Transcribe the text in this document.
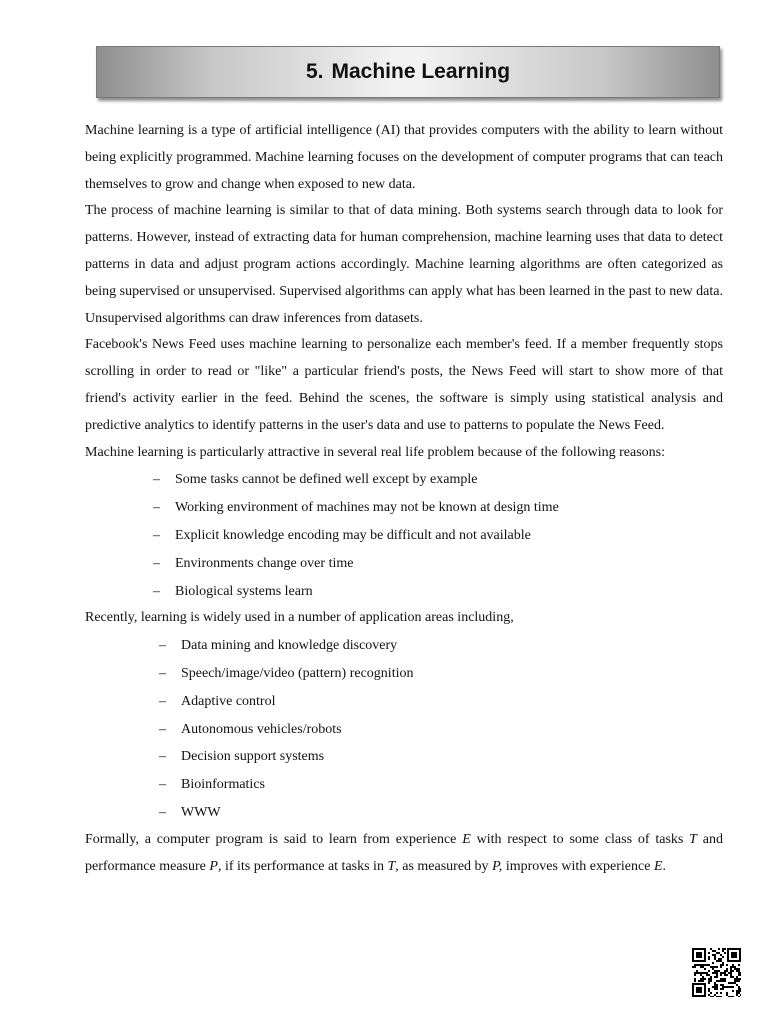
5. Machine Learning

Machine learning is a type of artificial intelligence (AI) that provides computers with the ability to learn without being explicitly programmed. Machine learning focuses on the development of computer programs that can teach themselves to grow and change when exposed to new data.

The process of machine learning is similar to that of data mining. Both systems search through data to look for patterns. However, instead of extracting data for human comprehension, machine learning uses that data to detect patterns in data and adjust program actions accordingly. Machine learning algorithms are often categorized as being supervised or unsupervised. Supervised algorithms can apply what has been learned in the past to new data. Unsupervised algorithms can draw inferences from datasets.

Facebook's News Feed uses machine learning to personalize each member's feed. If a member frequently stops scrolling in order to read or "like" a particular friend's posts, the News Feed will start to show more of that friend's activity earlier in the feed. Behind the scenes, the software is simply using statistical analysis and predictive analytics to identify patterns in the user's data and use to patterns to populate the News Feed.

Machine learning is particularly attractive in several real life problem because of the following reasons:

– Some tasks cannot be defined well except by example
– Working environment of machines may not be known at design time
– Explicit knowledge encoding may be difficult and not available
– Environments change over time
– Biological systems learn

Recently, learning is widely used in a number of application areas including,

– Data mining and knowledge discovery
– Speech/image/video (pattern) recognition
– Adaptive control
– Autonomous vehicles/robots
– Decision support systems
– Bioinformatics
– WWW

Formally, a computer program is said to learn from experience E with respect to some class of tasks T and performance measure P, if its performance at tasks in T, as measured by P, improves with experience E.
